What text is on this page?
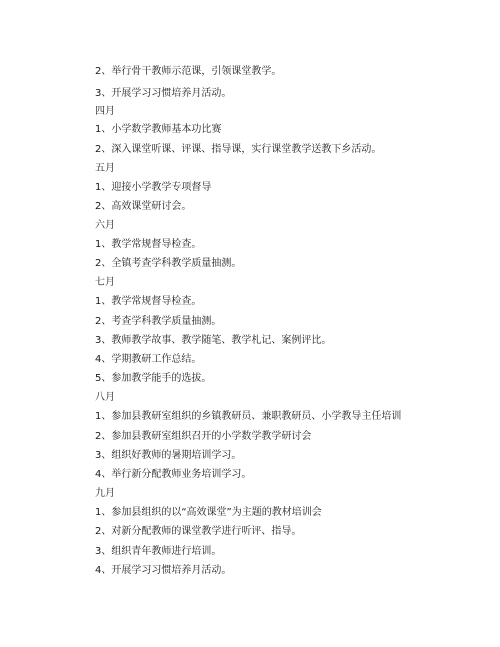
2、举行骨干教师示范课，引领课堂教学。
3、开展学习习惯培养月活动。
四月
1、小学数学教师基本功比赛
2、深入课堂听课、评课、指导课，实行课堂教学送教下乡活动。
五月
1、迎接小学教学专项督导
2、高效课堂研讨会。
六月
1、教学常规督导检查。
2、全镇考查学科教学质量抽测。
七月
1、教学常规督导检查。
2、考查学科教学质量抽测。
3、教师教学故事、教学随笔、教学札记、案例评比。
4、学期教研工作总结。
5、参加教学能手的选拔。
八月
1、参加县教研室组织的乡镇教研员、兼职教研员、小学教导主任培训
2、参加县教研室组织召开的小学数学教学研讨会
3、组织好教师的暑期培训学习。
4、举行新分配教师业务培训学习。
九月
1、参加县组织的以“高效课堂”为主题的教材培训会
2、对新分配教师的课堂教学进行听评、指导。
3、组织青年教师进行培训。
4、开展学习习惯培养月活动。
